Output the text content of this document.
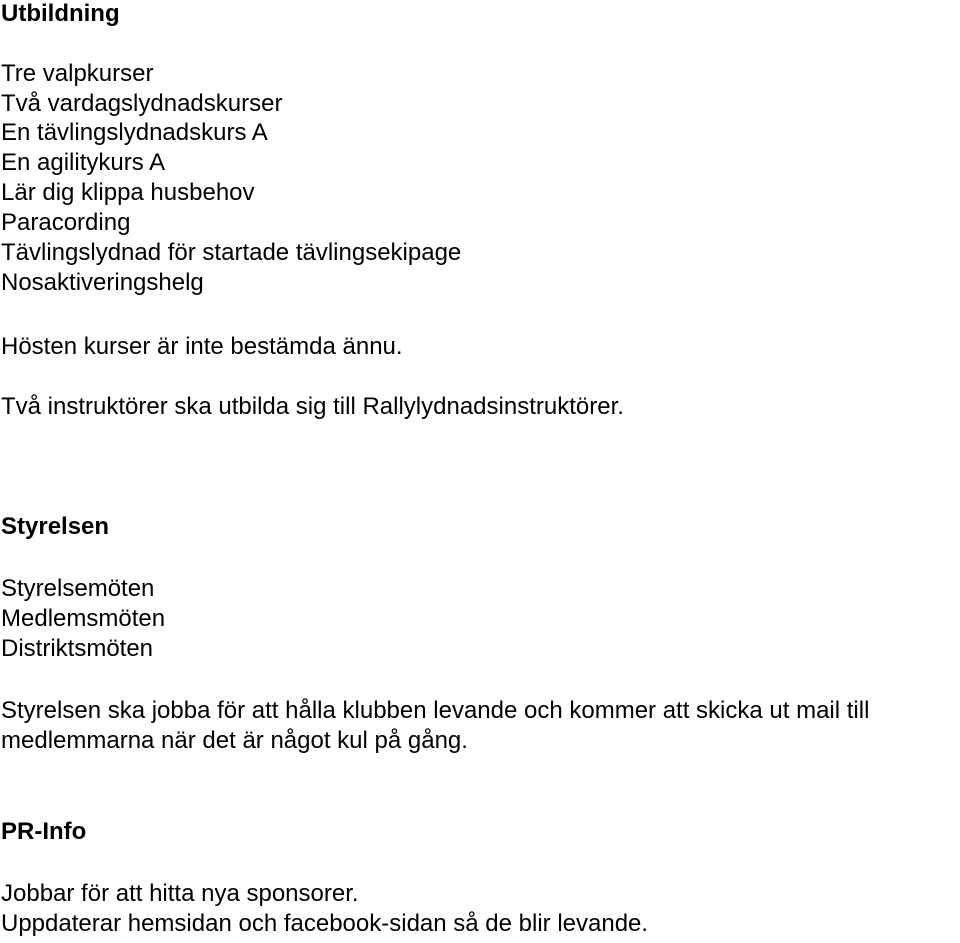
Utbildning
Tre valpkurser
Två vardagslydnadskurser
En tävlingslydnadskurs A
En agilitykurs A
Lär dig klippa husbehov
Paracording
Tävlingslydnad för startade tävlingsekipage
Nosaktiveringshelg
Hösten kurser är inte bestämda ännu.
Två instruktörer ska utbilda sig till Rallylydnadsinstruktörer.
Styrelsen
Styrelsemöten
Medlemsmöten
Distriktsmöten
Styrelsen ska jobba för att hålla klubben levande och kommer att skicka ut mail till
medlemmarna när det är något kul på gång.
PR-Info
Jobbar för att hitta nya sponsorer.
Uppdaterar hemsidan och facebook-sidan så de blir levande.
